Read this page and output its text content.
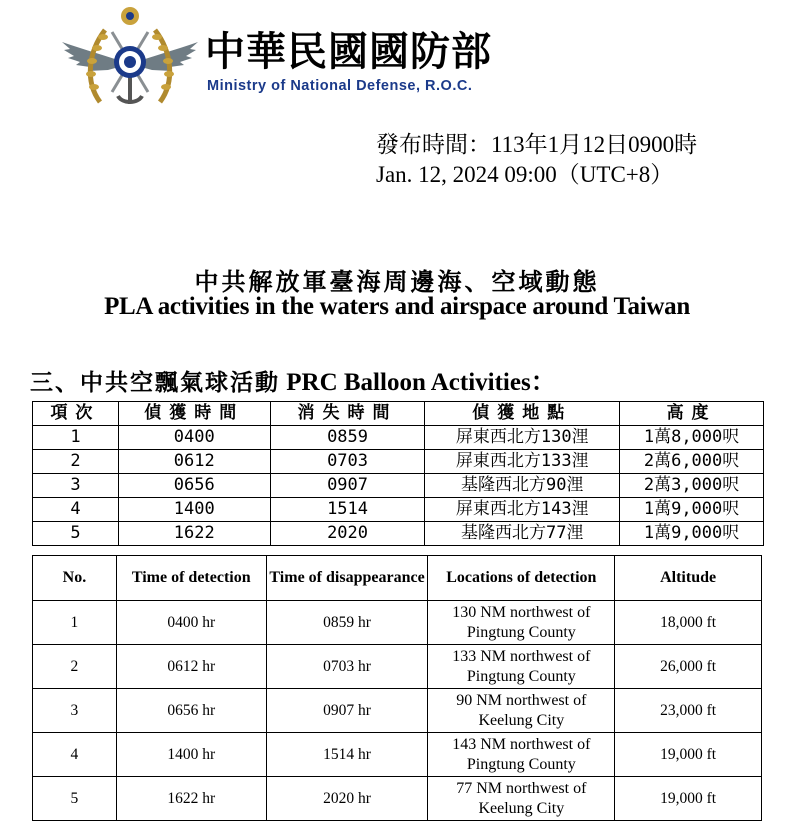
中華民國國防部
Ministry of National Defense, R.O.C.
發布時間：113年1月12日0900時
Jan. 12, 2024 09:00（UTC+8）
中共解放軍臺海周邊海、空域動態
PLA activities in the waters and airspace around Taiwan
三、中共空飄氣球活動 PRC Balloon Activities：
項次	偵獲時間	消失時間	偵獲地點	高度
1	0400	0859	屏東西北方130浬	1萬8,000呎
2	0612	0703	屏東西北方133浬	2萬6,000呎
3	0656	0907	基隆西北方90浬	2萬3,000呎
4	1400	1514	屏東西北方143浬	1萬9,000呎
5	1622	2020	基隆西北方77浬	1萬9,000呎
No.	Time of detection	Time of disappearance	Locations of detection	Altitude
1	0400 hr	0859 hr	130 NM northwest of Pingtung County	18,000 ft
2	0612 hr	0703 hr	133 NM northwest of Pingtung County	26,000 ft
3	0656 hr	0907 hr	90 NM northwest of Keelung City	23,000 ft
4	1400 hr	1514 hr	143 NM northwest of Pingtung County	19,000 ft
5	1622 hr	2020 hr	77 NM northwest of Keelung City	19,000 ft
